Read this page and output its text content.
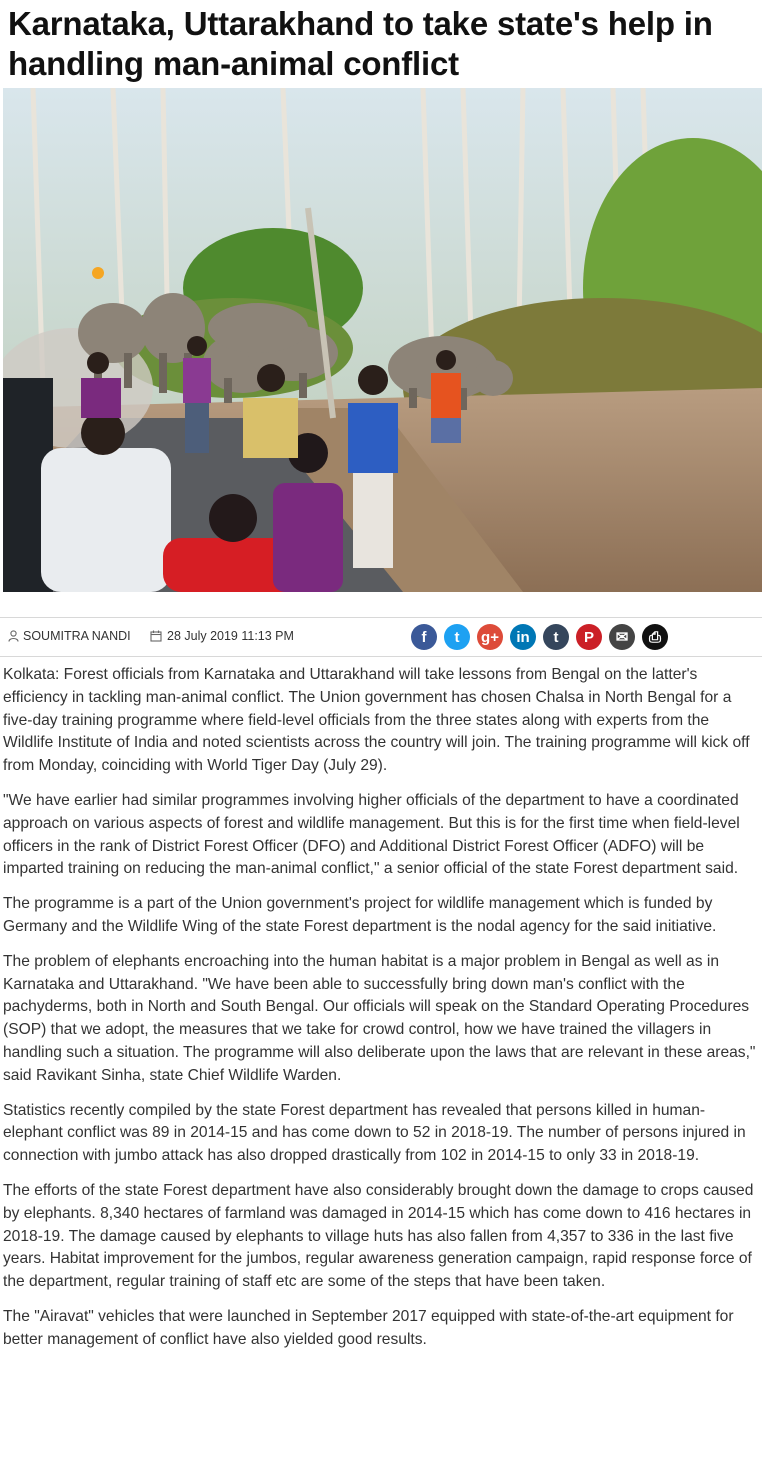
Karnataka, Uttarakhand to take state's help in handling man-animal conflict
SOUMITRA NANDI	28 July 2019 11:13 PM	f t g+ in t P ✉ ⎙

Kolkata: Forest officials from Karnataka and Uttarakhand will take lessons from Bengal on the latter's efficiency in tackling man-animal conflict. The Union government has chosen Chalsa in North Bengal for a five-day training programme where field-level officials from the three states along with experts from the Wildlife Institute of India and noted scientists across the country will join. The training programme will kick off from Monday, coinciding with World Tiger Day (July 29).

"We have earlier had similar programmes involving higher officials of the department to have a coordinated approach on various aspects of forest and wildlife management. But this is for the first time when field-level officers in the rank of District Forest Officer (DFO) and Additional District Forest Officer (ADFO) will be imparted training on reducing the man-animal conflict," a senior official of the state Forest department said.

The programme is a part of the Union government's project for wildlife management which is funded by Germany and the Wildlife Wing of the state Forest department is the nodal agency for the said initiative.

The problem of elephants encroaching into the human habitat is a major problem in Bengal as well as in Karnataka and Uttarakhand. "We have been able to successfully bring down man's conflict with the pachyderms, both in North and South Bengal. Our officials will speak on the Standard Operating Procedures (SOP) that we adopt, the measures that we take for crowd control, how we have trained the villagers in handling such a situation. The programme will also deliberate upon the laws that are relevant in these areas," said Ravikant Sinha, state Chief Wildlife Warden.

Statistics recently compiled by the state Forest department has revealed that persons killed in human-elephant conflict was 89 in 2014-15 and has come down to 52 in 2018-19. The number of persons injured in connection with jumbo attack has also dropped drastically from 102 in 2014-15 to only 33 in 2018-19.

The efforts of the state Forest department have also considerably brought down the damage to crops caused by elephants. 8,340 hectares of farmland was damaged in 2014-15 which has come down to 416 hectares in 2018-19. The damage caused by elephants to village huts has also fallen from 4,357 to 336 in the last five years. Habitat improvement for the jumbos, regular awareness generation campaign, rapid response force of the department, regular training of staff etc are some of the steps that have been taken.

The "Airavat" vehicles that were launched in September 2017 equipped with state-of-the-art equipment for better management of conflict have also yielded good results.
